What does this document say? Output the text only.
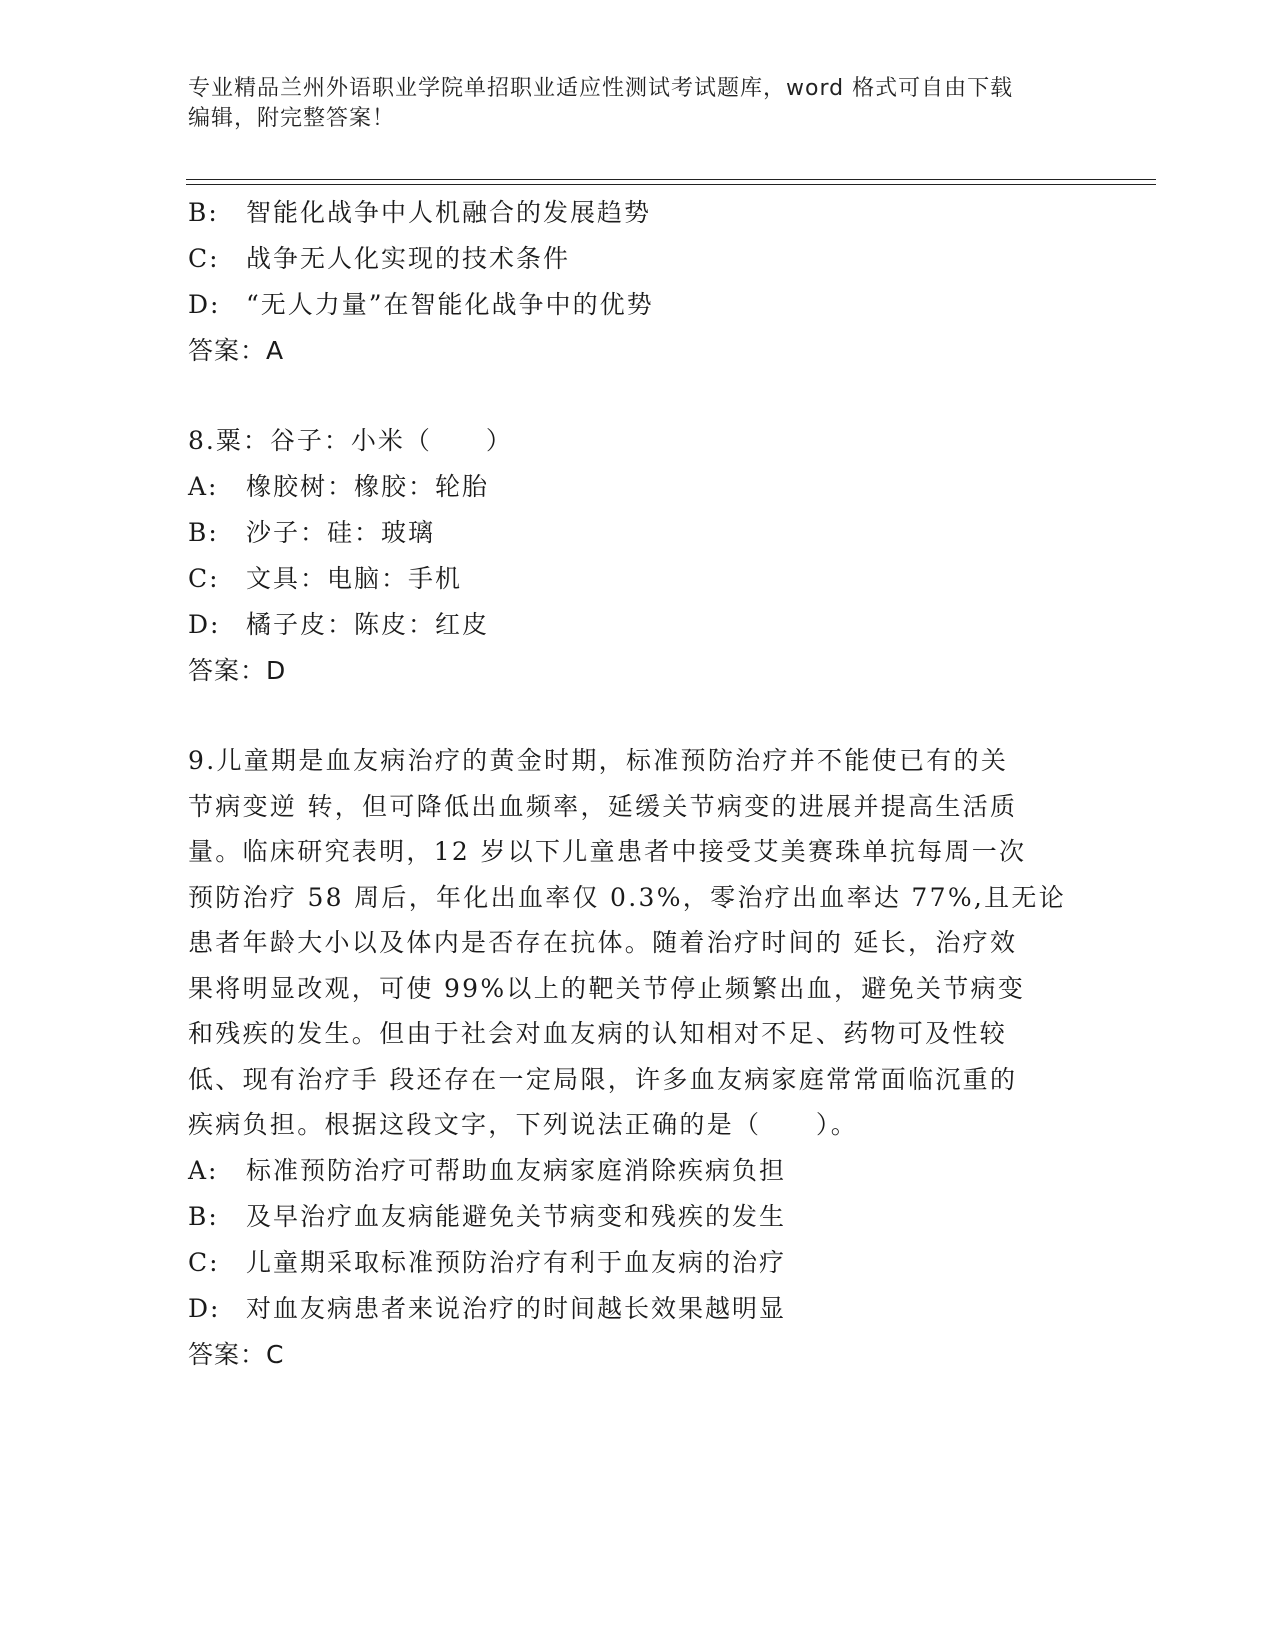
专业精品兰州外语职业学院单招职业适应性测试考试题库，word 格式可自由下载
编辑，附完整答案！
B: 智能化战争中人机融合的发展趋势
C: 战争无人化实现的技术条件
D: “无人力量”在智能化战争中的优势
答案：A
8.粟：谷子：小米（　　）
A: 橡胶树：橡胶：轮胎
B: 沙子：硅：玻璃
C: 文具：电脑：手机
D: 橘子皮：陈皮：红皮
答案：D
9.儿童期是血友病治疗的黄金时期，标准预防治疗并不能使已有的关
节病变逆 转，但可降低出血频率，延缓关节病变的进展并提高生活质
量。临床研究表明，12 岁以下儿童患者中接受艾美赛珠单抗每周一次
预防治疗 58 周后，年化出血率仅 0.3%，零治疗出血率达 77%,且无论
患者年龄大小以及体内是否存在抗体。随着治疗时间的 延长，治疗效
果将明显改观，可使 99%以上的靶关节停止频繁出血，避免关节病变
和残疾的发生。但由于社会对血友病的认知相对不足、药物可及性较
低、现有治疗手 段还存在一定局限，许多血友病家庭常常面临沉重的
疾病负担。根据这段文字，下列说法正确的是（　　）。
A: 标准预防治疗可帮助血友病家庭消除疾病负担
B: 及早治疗血友病能避免关节病变和残疾的发生
C: 儿童期采取标准预防治疗有利于血友病的治疗
D: 对血友病患者来说治疗的时间越长效果越明显
答案：C
